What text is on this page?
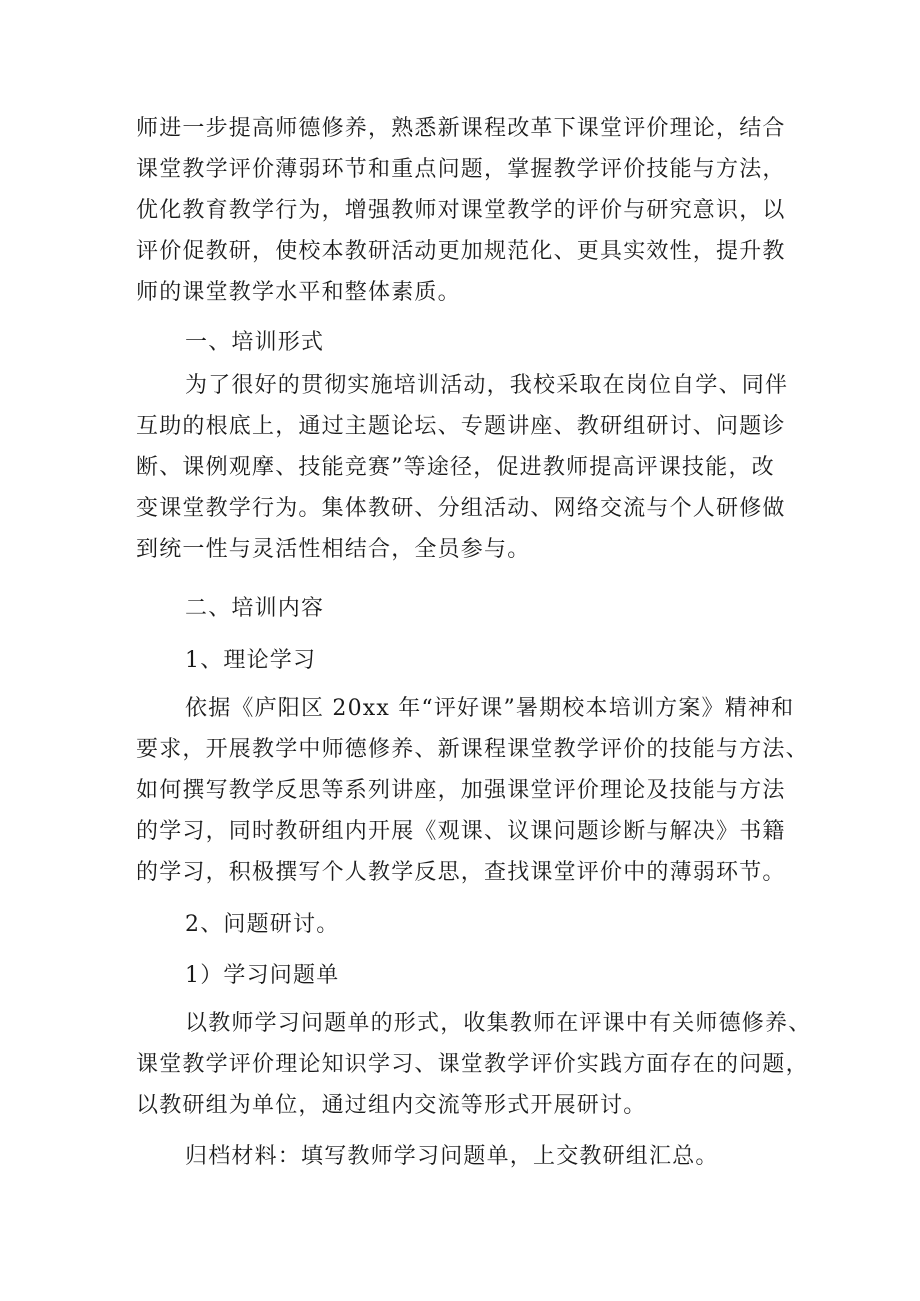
师进一步提高师德修养，熟悉新课程改革下课堂评价理论，结合

课堂教学评价薄弱环节和重点问题，掌握教学评价技能与方法，

优化教育教学行为，增强教师对课堂教学的评价与研究意识，以

评价促教研，使校本教研活动更加规范化、更具实效性，提升教

师的课堂教学水平和整体素质。

一、培训形式

为了很好的贯彻实施培训活动，我校采取在岗位自学、同伴

互助的根底上，通过主题论坛、专题讲座、教研组研讨、问题诊

断、课例观摩、技能竞赛”等途径，促进教师提高评课技能，改

变课堂教学行为。集体教研、分组活动、网络交流与个人研修做

到统一性与灵活性相结合，全员参与。

二、培训内容

1、理论学习

依据《庐阳区 20xx 年“评好课”暑期校本培训方案》精神和

要求，开展教学中师德修养、新课程课堂教学评价的技能与方法、

如何撰写教学反思等系列讲座，加强课堂评价理论及技能与方法

的学习，同时教研组内开展《观课、议课问题诊断与解决》书籍

的学习，积极撰写个人教学反思，查找课堂评价中的薄弱环节。

2、问题研讨。

1）学习问题单

以教师学习问题单的形式，收集教师在评课中有关师德修养、

课堂教学评价理论知识学习、课堂教学评价实践方面存在的问题，

以教研组为单位，通过组内交流等形式开展研讨。

归档材料：填写教师学习问题单，上交教研组汇总。
